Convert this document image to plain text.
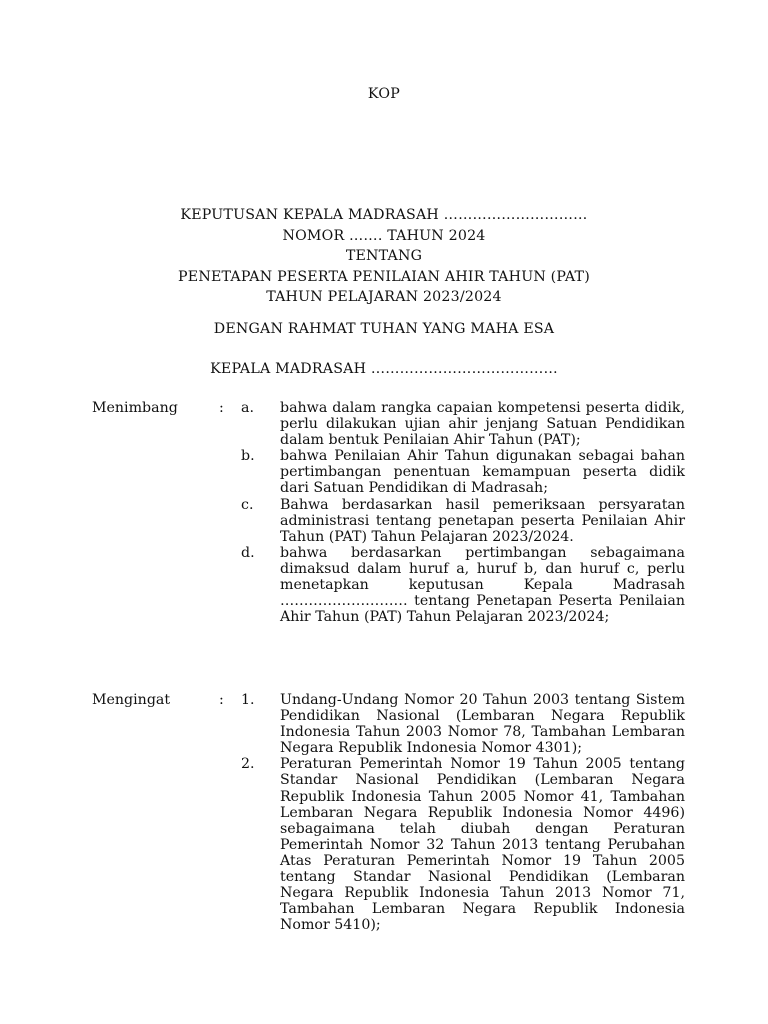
KOP
KEPUTUSAN KEPALA MADRASAH …………………………
NOMOR ……. TAHUN 2024
TENTANG
PENETAPAN PESERTA PENILAIAN AHIR TAHUN (PAT)
TAHUN PELAJARAN 2023/2024
DENGAN RAHMAT TUHAN YANG MAHA ESA
KEPALA MADRASAH …………………………………
Menimbang	: a. bahwa dalam rangka capaian kompetensi peserta didik, perlu dilakukan ujian ahir jenjang Satuan Pendidikan dalam bentuk Penilaian Ahir Tahun (PAT);
b. bahwa Penilaian Ahir Tahun digunakan sebagai bahan pertimbangan penentuan kemampuan peserta didik dari Satuan Pendidikan di Madrasah;
c. Bahwa berdasarkan hasil pemeriksaan persyaratan administrasi tentang penetapan peserta Penilaian Ahir Tahun (PAT) Tahun Pelajaran 2023/2024.
d. bahwa berdasarkan pertimbangan sebagaimana dimaksud dalam huruf a, huruf b, dan huruf c, perlu menetapkan keputusan Kepala Madrasah ……………………… tentang Penetapan Peserta Penilaian Ahir Tahun (PAT) Tahun Pelajaran 2023/2024;
Mengingat	: 1. Undang-Undang Nomor 20 Tahun 2003 tentang Sistem Pendidikan Nasional (Lembaran Negara Republik Indonesia Tahun 2003 Nomor 78, Tambahan Lembaran Negara Republik Indonesia Nomor 4301);
2. Peraturan Pemerintah Nomor 19 Tahun 2005 tentang Standar Nasional Pendidikan (Lembaran Negara Republik Indonesia Tahun 2005 Nomor 41, Tambahan Lembaran Negara Republik Indonesia Nomor 4496) sebagaimana telah diubah dengan Peraturan Pemerintah Nomor 32 Tahun 2013 tentang Perubahan Atas Peraturan Pemerintah Nomor 19 Tahun 2005 tentang Standar Nasional Pendidikan (Lembaran Negara Republik Indonesia Tahun 2013 Nomor 71, Tambahan Lembaran Negara Republik Indonesia Nomor 5410);
